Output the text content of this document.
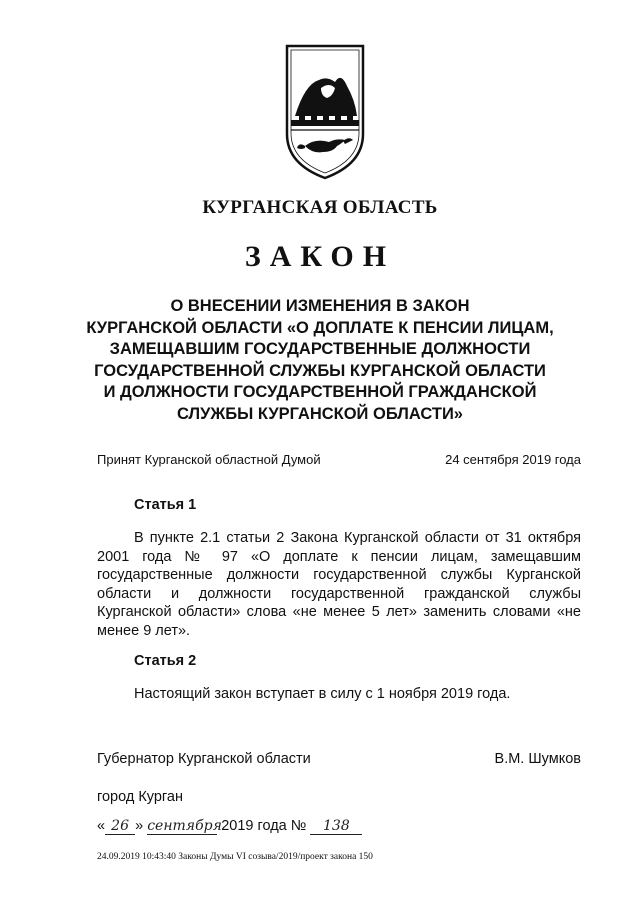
КУРГАНСКАЯ ОБЛАСТЬ
ЗАКОН
О ВНЕСЕНИИ ИЗМЕНЕНИЯ В ЗАКОН
КУРГАНСКОЙ ОБЛАСТИ «О ДОПЛАТЕ К ПЕНСИИ ЛИЦАМ,
ЗАМЕЩАВШИМ ГОСУДАРСТВЕННЫЕ ДОЛЖНОСТИ
ГОСУДАРСТВЕННОЙ СЛУЖБЫ КУРГАНСКОЙ ОБЛАСТИ
И ДОЛЖНОСТИ ГОСУДАРСТВЕННОЙ ГРАЖДАНСКОЙ
СЛУЖБЫ КУРГАНСКОЙ ОБЛАСТИ»
Принят Курганской областной Думой	24 сентября 2019 года
Статья 1

В пункте 2.1 статьи 2 Закона Курганской области от 31 октября 2001 года № 97 «О доплате к пенсии лицам, замещавшим государственные должности государственной службы Курганской области и должности государственной гражданской службы Курганской области» слова «не менее 5 лет» заменить словами «не менее 9 лет».

Статья 2

Настоящий закон вступает в силу с 1 ноября 2019 года.

Губернатор Курганской области	В.М. Шумков
город Курган
« 26 » сентября 2019 года № 138
24.09.2019 10:43:40 Законы Думы VI созыва/2019/проект закона 150
